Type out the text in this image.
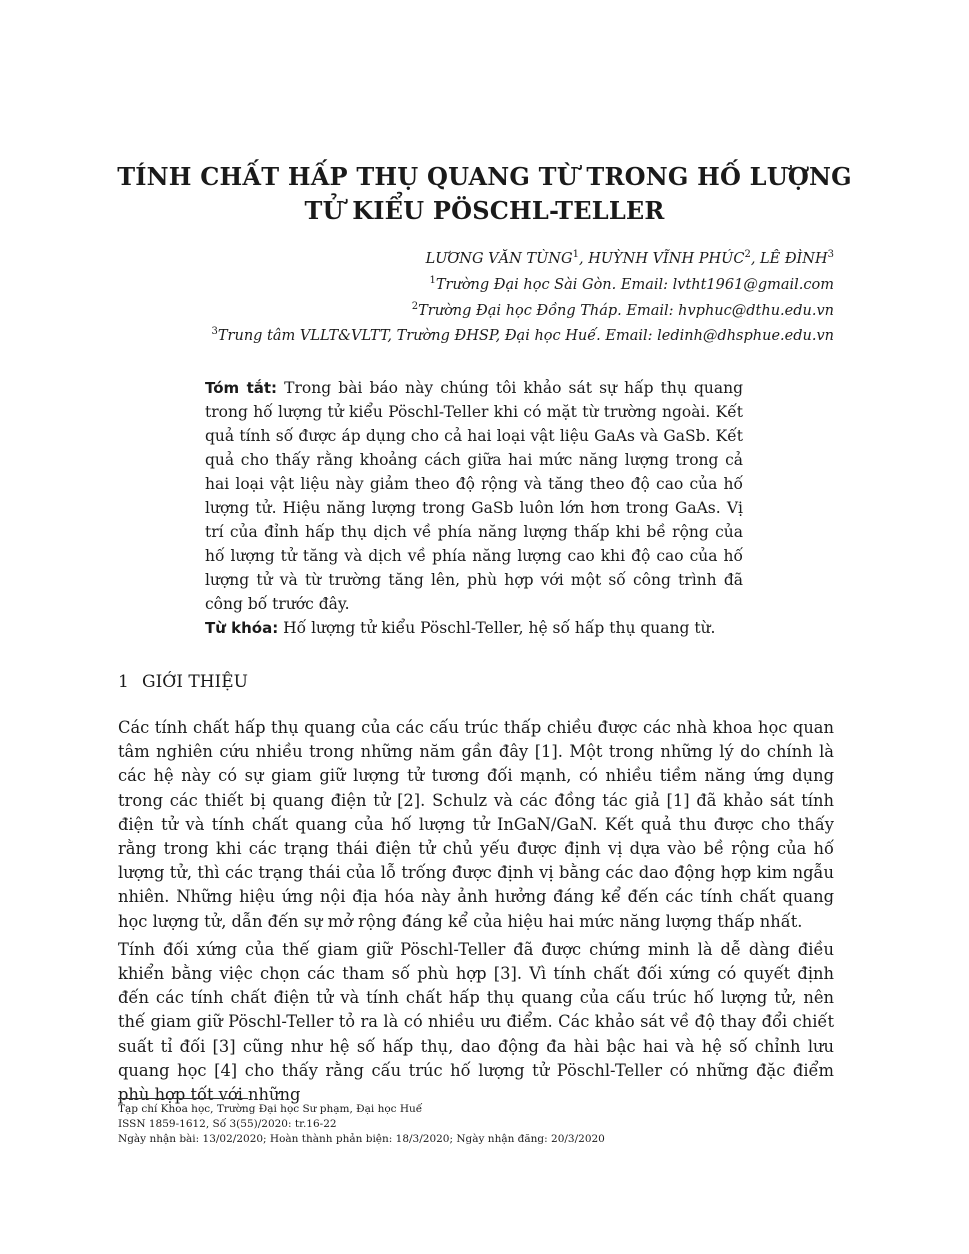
TÍNH CHẤT HẤP THỤ QUANG TỪ TRONG HỐ LƯỢNG
TỬ KIỂU PÖSCHL-TELLER
LƯƠNG VĂN TÙNG$^1$, HUỲNH VĨNH PHÚC$^2$, LÊ ĐÌNH$^3$
$^1$Trường Đại học Sài Gòn. Email: lvtht1961@gmail.com
$^2$Trường Đại học Đồng Tháp. Email: hvphuc@dthu.edu.vn
$^3$Trung tâm VLLT&VLTT, Trường ĐHSP, Đại học Huế. Email: ledinh@dhsphue.edu.vn

Tóm tắt: Trong bài báo này chúng tôi khảo sát sự hấp thụ quang trong hố lượng tử kiểu Pöschl-Teller khi có mặt từ trường ngoài. Kết quả tính số được áp dụng cho cả hai loại vật liệu GaAs và GaSb. Kết quả cho thấy rằng khoảng cách giữa hai mức năng lượng trong cả hai loại vật liệu này giảm theo độ rộng và tăng theo độ cao của hố lượng tử. Hiệu năng lượng trong GaSb luôn lớn hơn trong GaAs. Vị trí của đỉnh hấp thụ dịch về phía năng lượng thấp khi bề rộng của hố lượng tử tăng và dịch về phía năng lượng cao khi độ cao của hố lượng tử và từ trường tăng lên, phù hợp với một số công trình đã công bố trước đây.

Từ khóa: Hố lượng tử kiểu Pöschl-Teller, hệ số hấp thụ quang từ.

1 GIỚI THIỆU

Các tính chất hấp thụ quang của các cấu trúc thấp chiều được các nhà khoa học quan tâm nghiên cứu nhiều trong những năm gần đây [1]. Một trong những lý do chính là các hệ này có sự giam giữ lượng tử tương đối mạnh, có nhiều tiềm năng ứng dụng trong các thiết bị quang điện tử [2]. Schulz và các đồng tác giả [1] đã khảo sát tính điện tử và tính chất quang của hố lượng tử InGaN/GaN. Kết quả thu được cho thấy rằng trong khi các trạng thái điện tử chủ yếu được định vị dựa vào bề rộng của hố lượng tử, thì các trạng thái của lỗ trống được định vị bằng các dao động hợp kim ngẫu nhiên. Những hiệu ứng nội địa hóa này ảnh hưởng đáng kể đến các tính chất quang học lượng tử, dẫn đến sự mở rộng đáng kể của hiệu hai mức năng lượng thấp nhất.

Tính đối xứng của thế giam giữ Pöschl-Teller đã được chứng minh là dễ dàng điều khiển bằng việc chọn các tham số phù hợp [3]. Vì tính chất đối xứng có quyết định đến các tính chất điện tử và tính chất hấp thụ quang của cấu trúc hố lượng tử, nên thế giam giữ Pöschl-Teller tỏ ra là có nhiều ưu điểm. Các khảo sát về độ thay đổi chiết suất tỉ đối [3] cũng như hệ số hấp thụ, dao động đa hài bậc hai và hệ số chỉnh lưu quang học [4] cho thấy rằng cấu trúc hố lượng tử Pöschl-Teller có những đặc điểm phù hợp tốt với những

Tạp chí Khoa học, Trường Đại học Sư phạm, Đại học Huế
ISSN 1859-1612, Số 3(55)/2020: tr.16-22
Ngày nhận bài: 13/02/2020; Hoàn thành phản biện: 18/3/2020; Ngày nhận đăng: 20/3/2020
